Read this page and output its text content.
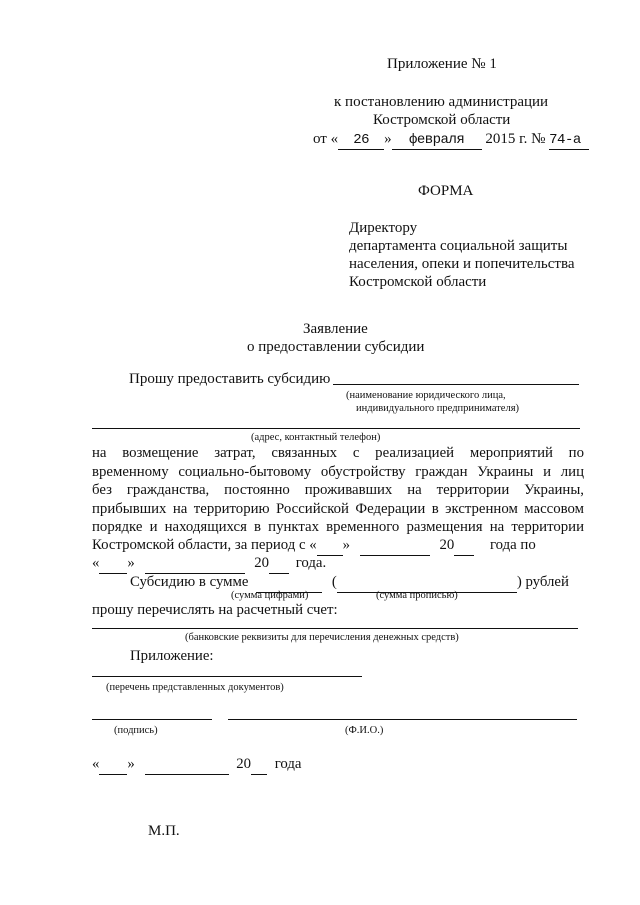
Приложение № 1
к постановлению администрации
Костромской области
от « 26 » февраля 2015 г. № 74-а
ФОРМА
Директору
департамента социальной защиты
населения, опеки и попечительства
Костромской области
Заявление
о предоставлении субсидии
Прошу предоставить субсидию
(наименование юридического лица,
индивидуального предпринимателя)
(адрес, контактный телефон)
на возмещение затрат, связанных с реализацией мероприятий по
временному социально-бытовому обустройству граждан Украины и лиц
без гражданства, постоянно проживавших на территории Украины,
прибывших на территорию Российской Федерации в экстренном массовом
порядке и находящихся в пунктах временного размещения на территории
Костромской области, за период с « »	20 года по
« »	20 года.
Субсидию в сумме	(	) рублей
(сумма цифрами)	(сумма прописью)
прошу перечислять на расчетный счет:
(банковские реквизиты для перечисления денежных средств)
Приложение:
(перечень представленных документов)
(подпись)	(Ф.И.О.)
« »	20 года
М.П.
